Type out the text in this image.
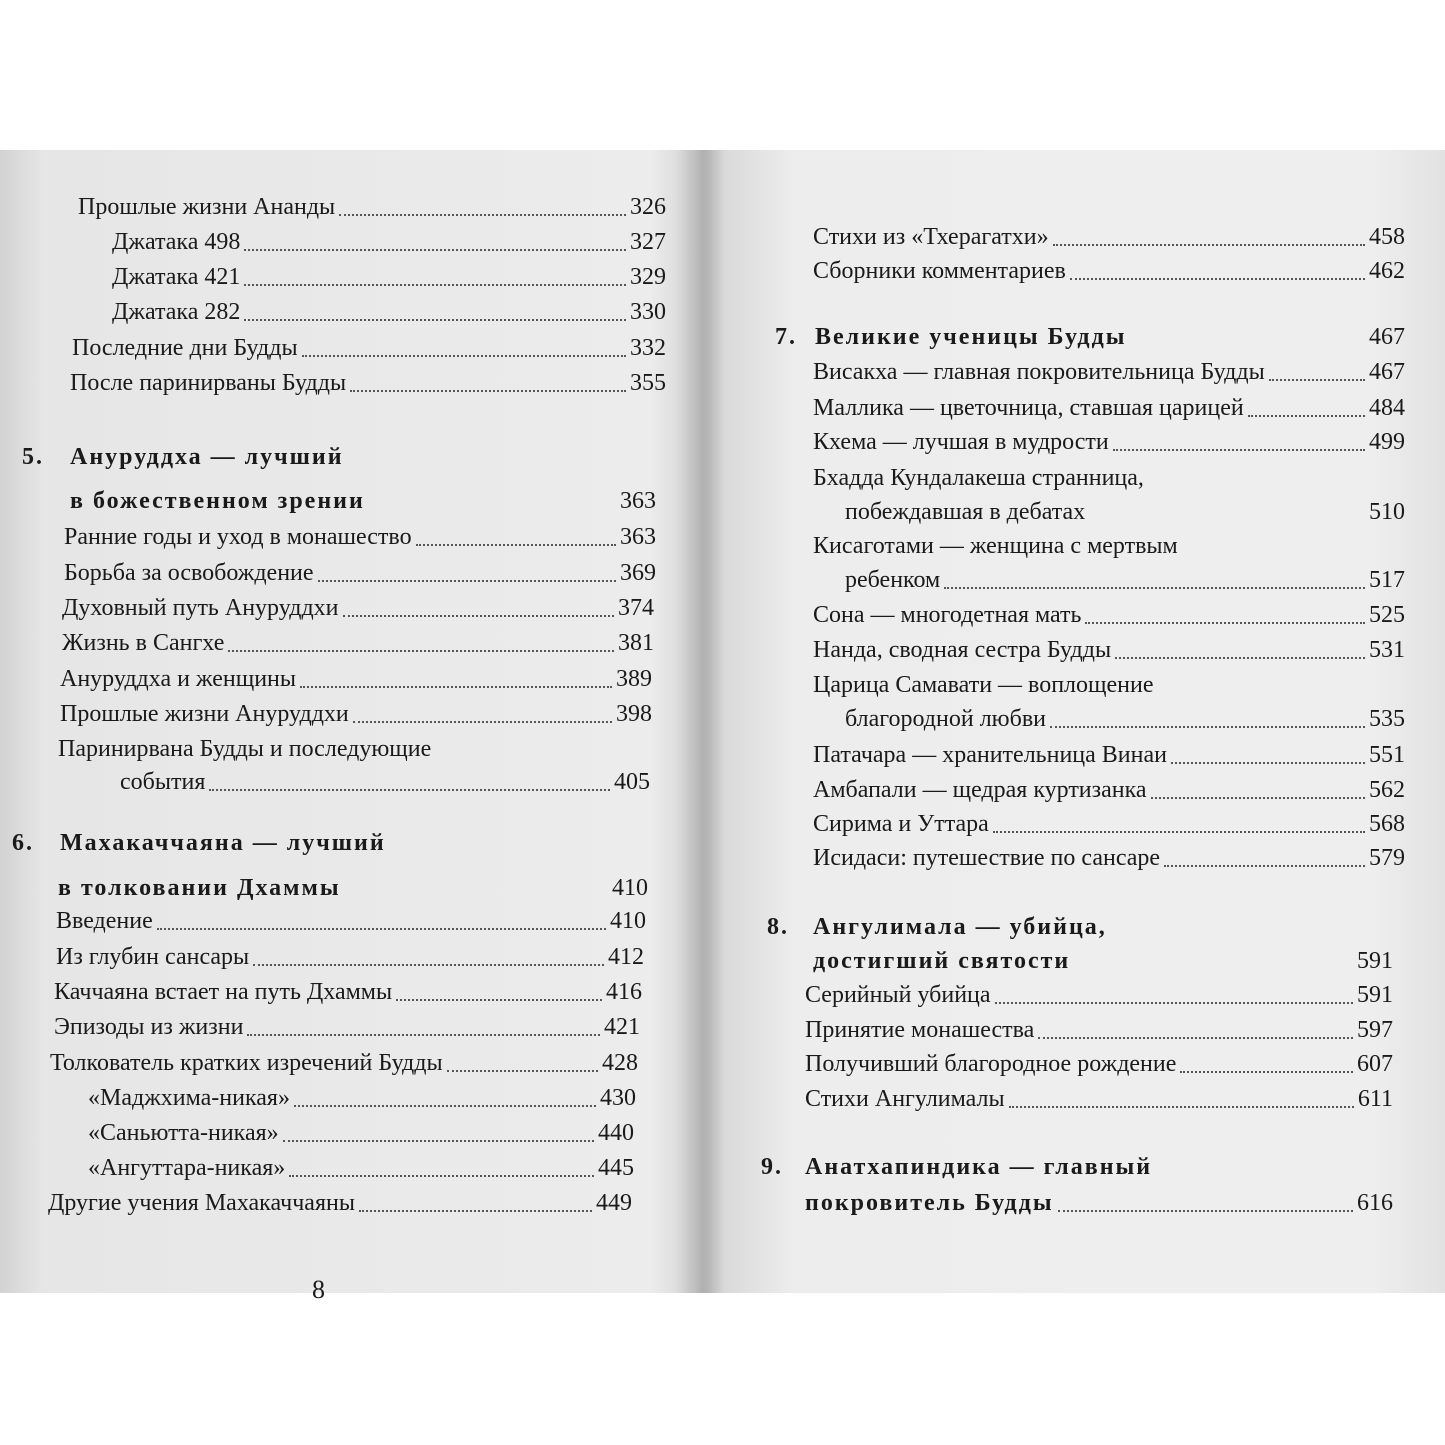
Прошлые жизни Ананды	326
Джатака 498	327
Джатака 421	329
Джатака 282	330
Последние дни Будды	332
После паринирваны Будды	355
5. Ануруддха — лучший
в божественном зрении	363
Ранние годы и уход в монашество	363
Борьба за освобождение	369
Духовный путь Ануруддхи	374
Жизнь в Сангхе	381
Ануруддха и женщины	389
Прошлые жизни Ануруддхи	398
Паринирвана Будды и последующие
события	405
6. Махакаччаяна — лучший
в толковании Дхаммы	410
Введение	410
Из глубин сансары	412
Каччаяна встает на путь Дхаммы	416
Эпизоды из жизни	421
Толкователь кратких изречений Будды	428
«Маджхима-никая»	430
«Саньютта-никая»	440
«Ангуттара-никая»	445
Другие учения Махакаччаяны	449
8
Стихи из «Тхерагатхи»	458
Сборники комментариев	462
7. Великие ученицы Будды	467
Висакха — главная покровительница Будды	467
Маллика — цветочница, ставшая царицей	484
Кхема — лучшая в мудрости	499
Бхадда Кундалакеша странница,
побеждавшая в дебатах	510
Кисаготами — женщина с мертвым
ребенком	517
Сона — многодетная мать	525
Нанда, сводная сестра Будды	531
Царица Самавати — воплощение
благородной любви	535
Патачара — хранительница Винаи	551
Амбапали — щедрая куртизанка	562
Сирима и Уттара	568
Исидаси: путешествие по сансаре	579
8. Ангулимала — убийца,
достигший святости	591
Серийный убийца	591
Принятие монашества	597
Получивший благородное рождение	607
Стихи Ангулималы	611
9. Анатхапиндика — главный
покровитель Будды	616
